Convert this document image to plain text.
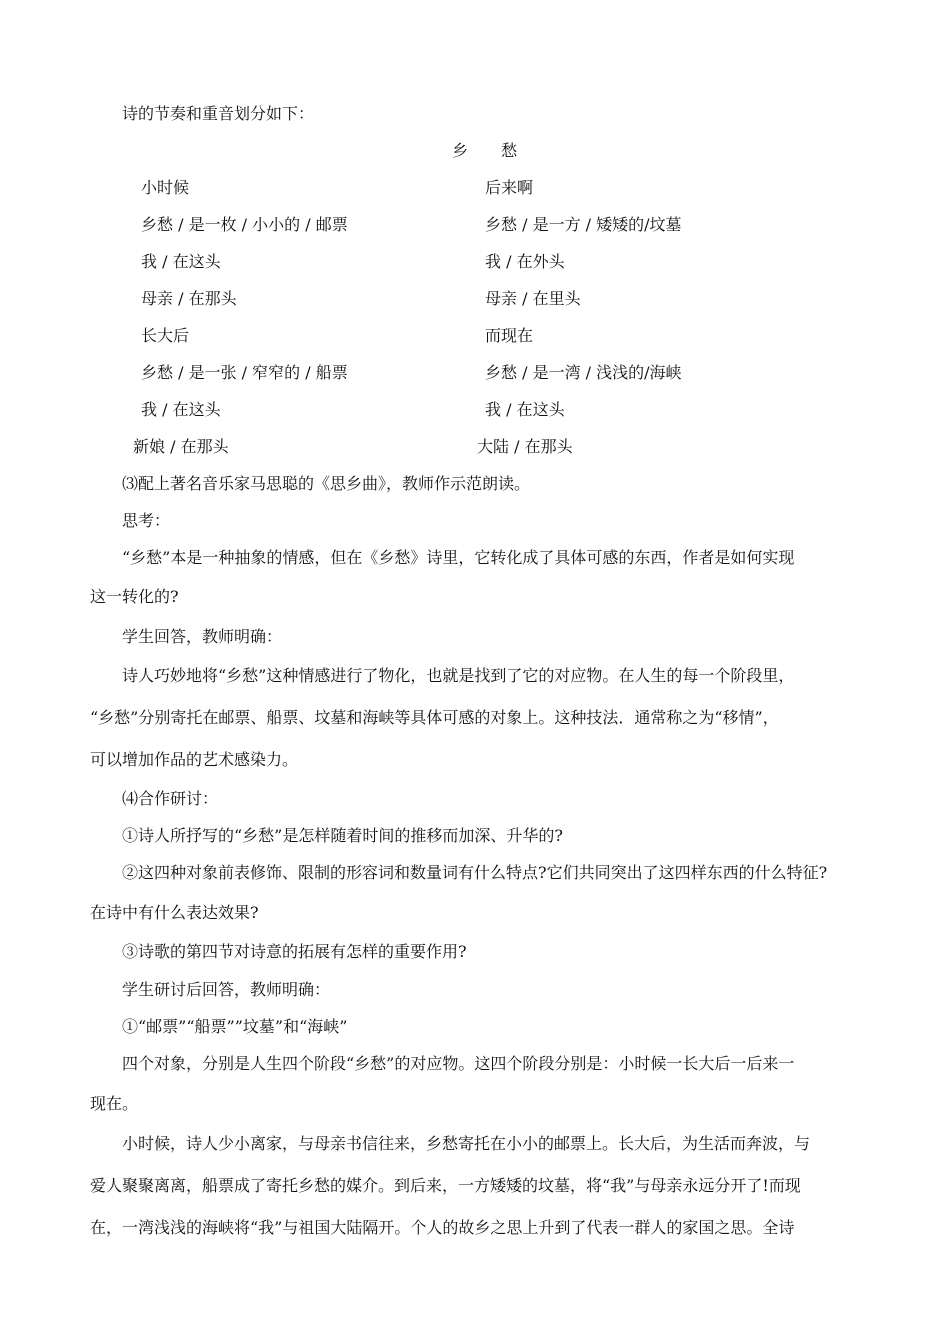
诗的节奏和重音划分如下：
乡 愁
小时候
乡愁 / 是一枚 / 小小的 / 邮票
我 / 在这头
母亲 / 在那头
长大后
乡愁 / 是一张 / 窄窄的 / 船票
我 / 在这头
新娘 / 在那头
后来啊
乡愁 / 是一方 / 矮矮的/坟墓
我 / 在外头
母亲 / 在里头
而现在
乡愁 / 是一湾 / 浅浅的/海峡
我 / 在这头
大陆 / 在那头
⑶配上著名音乐家马思聪的《思乡曲》，教师作示范朗读。
思考：
“乡愁”本是一种抽象的情感，但在《乡愁》诗里，它转化成了具体可感的东西，作者是如何实现
这一转化的?
学生回答，教师明确：
诗人巧妙地将“乡愁”这种情感进行了物化，也就是找到了它的对应物。在人生的每一个阶段里，
“乡愁”分别寄托在邮票、船票、坟墓和海峡等具体可感的对象上。这种技法．通常称之为“移情”，
可以增加作品的艺术感染力。
⑷合作研讨：
①诗人所抒写的“乡愁”是怎样随着时间的推移而加深、升华的?
②这四种对象前表修饰、限制的形容词和数量词有什么特点?它们共同突出了这四样东西的什么特征?
在诗中有什么表达效果?
③诗歌的第四节对诗意的拓展有怎样的重要作用?
学生研讨后回答，教师明确：
①“邮票”“船票””坟墓”和“海峡”
四个对象，分别是人生四个阶段“乡愁”的对应物。这四个阶段分别是：小时候一长大后一后来一
现在。
小时候，诗人少小离家，与母亲书信往来，乡愁寄托在小小的邮票上。长大后，为生活而奔波，与
爱人聚聚离离，船票成了寄托乡愁的媒介。到后来，一方矮矮的坟墓，将“我”与母亲永远分开了!而现
在，一湾浅浅的海峡将“我”与祖国大陆隔开。个人的故乡之思上升到了代表一群人的家国之思。全诗
